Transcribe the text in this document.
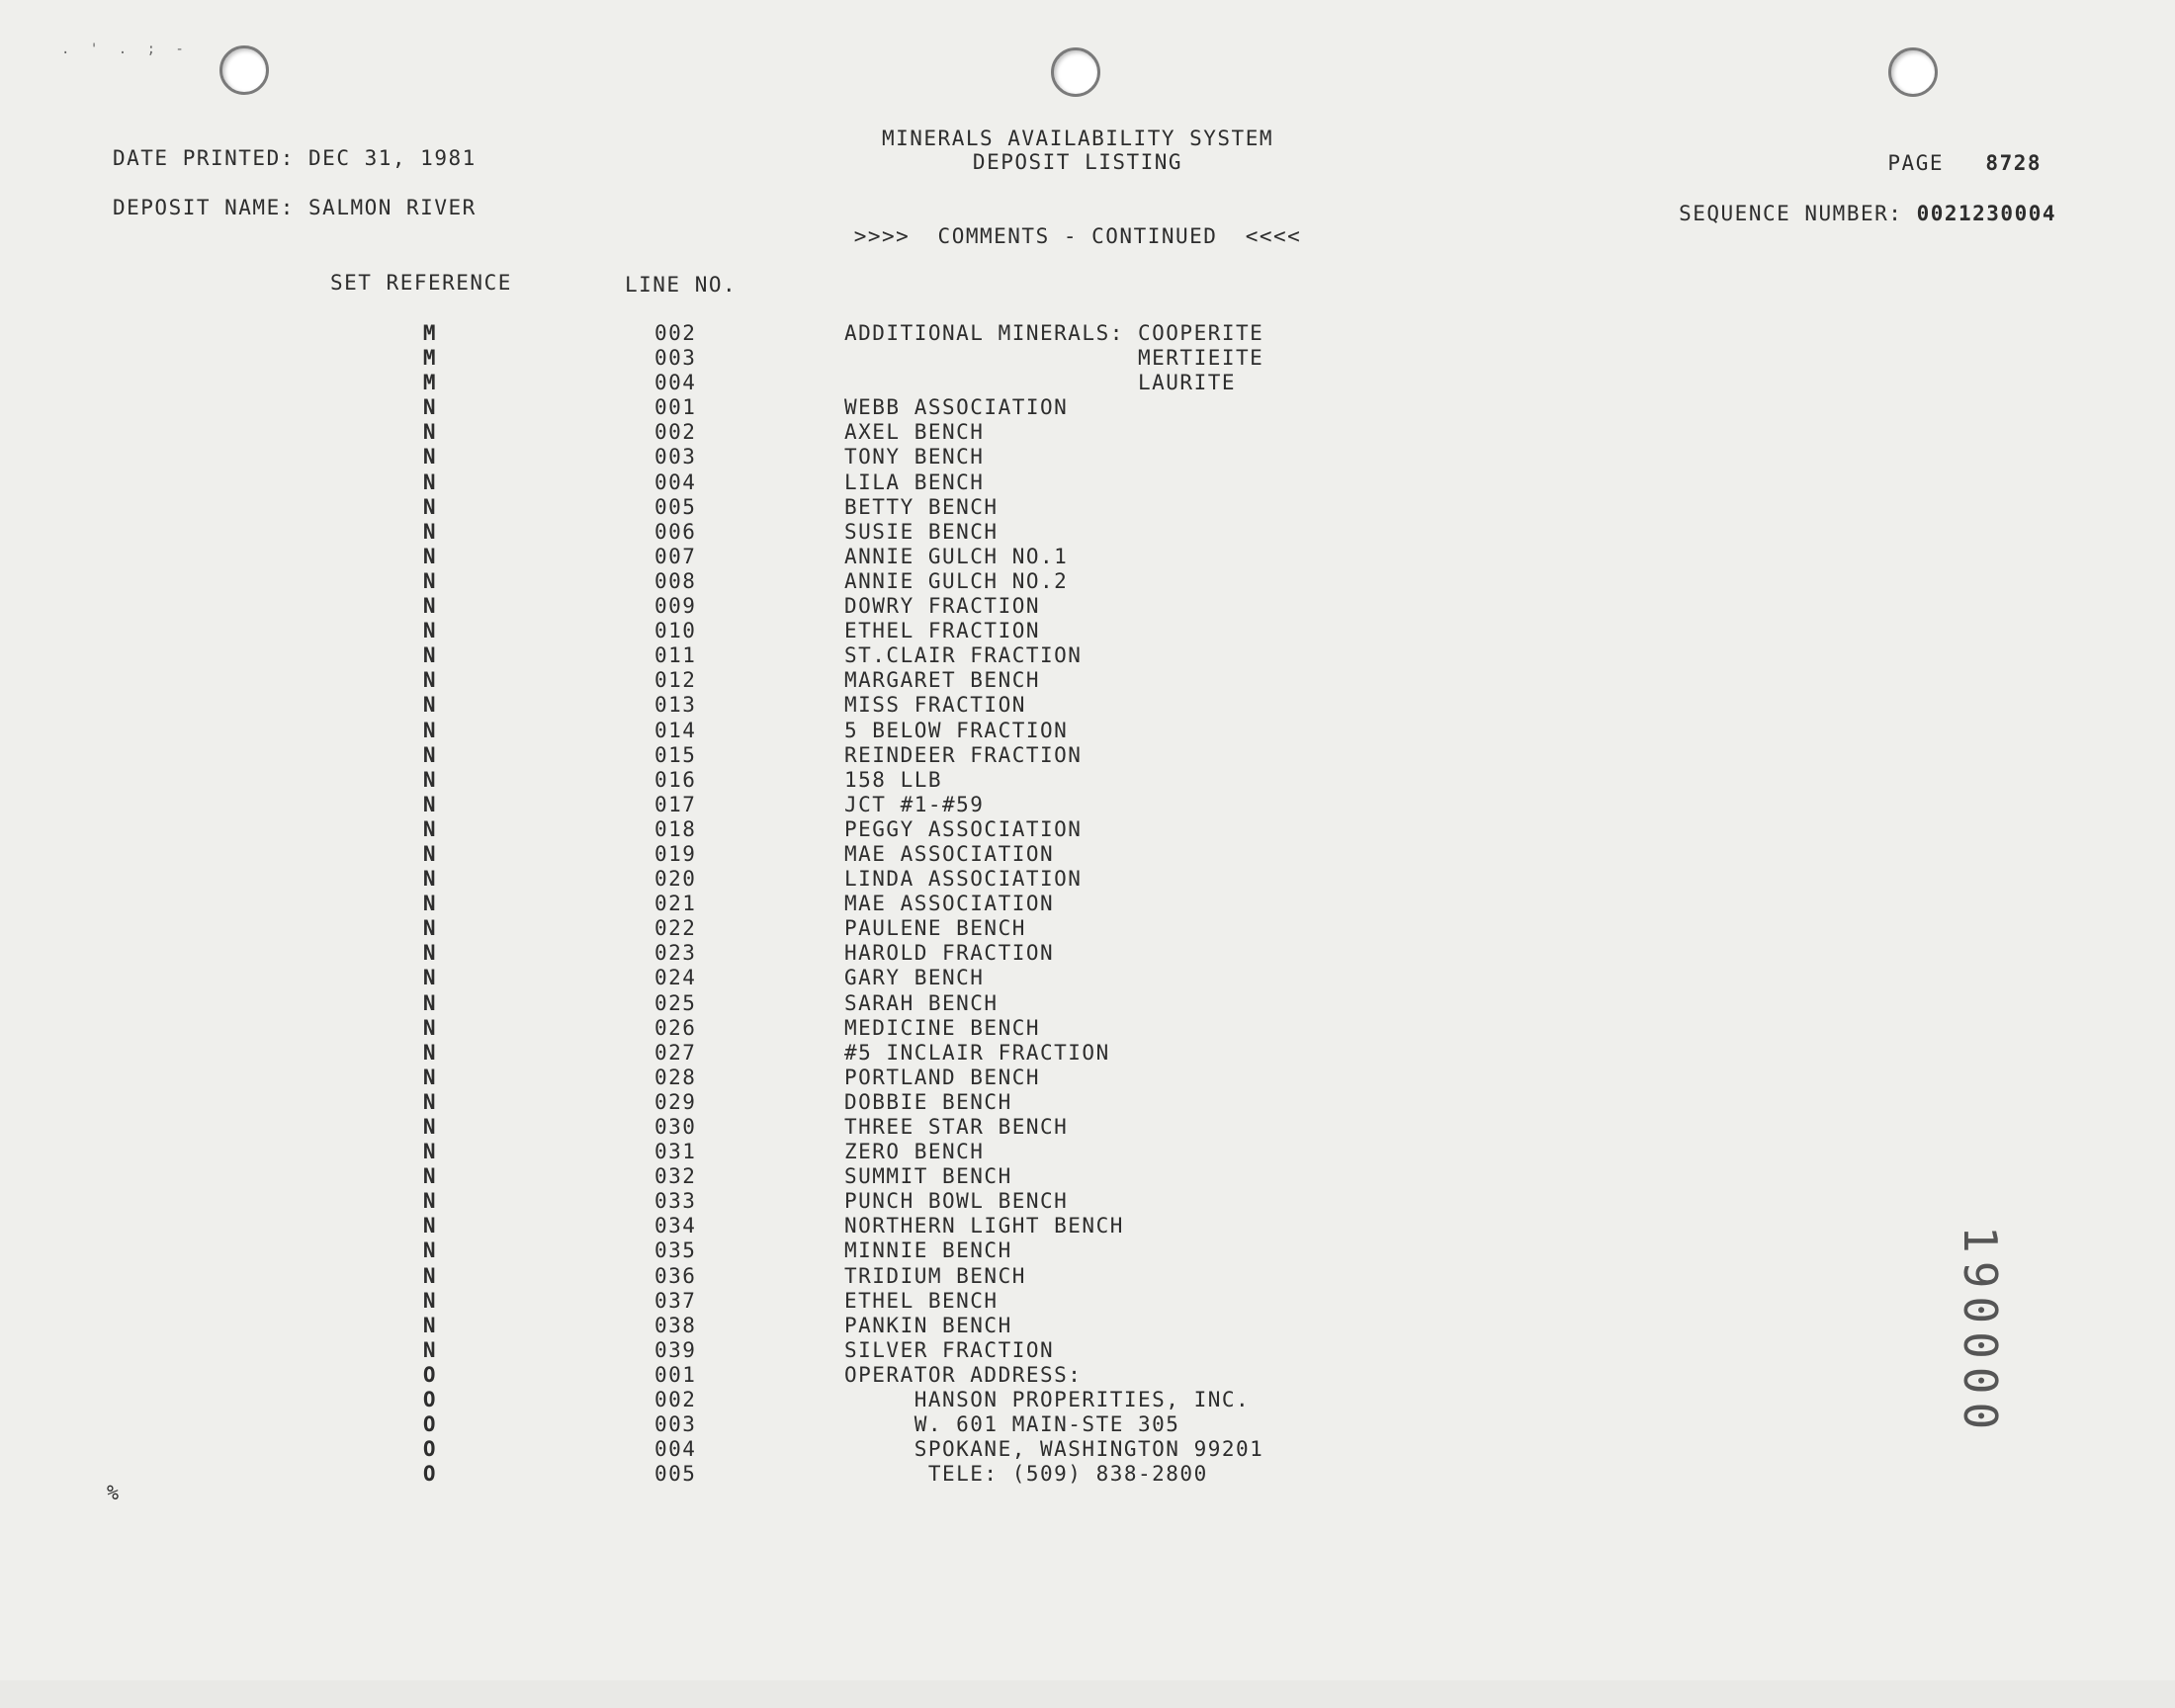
. ' . ; -
MINERALS AVAILABILITY SYSTEM
DEPOSIT LISTING
DATE PRINTED: DEC 31, 1981
DEPOSIT NAME: SALMON RIVER
PAGE 8728
SEQUENCE NUMBER: 0021230004
>>>>  COMMENTS - CONTINUED  <<<<
SET REFERENCE	LINE NO.
M	002	ADDITIONAL MINERALS: COOPERITE
M	003	MERTIEITE
M	004	LAURITE
N	001	WEBB ASSOCIATION
N	002	AXEL BENCH
N	003	TONY BENCH
N	004	LILA BENCH
N	005	BETTY BENCH
N	006	SUSIE BENCH
N	007	ANNIE GULCH NO.1
N	008	ANNIE GULCH NO.2
N	009	DOWRY FRACTION
N	010	ETHEL FRACTION
N	011	ST.CLAIR FRACTION
N	012	MARGARET BENCH
N	013	MISS FRACTION
N	014	5 BELOW FRACTION
N	015	REINDEER FRACTION
N	016	158 LLB
N	017	JCT #1-#59
N	018	PEGGY ASSOCIATION
N	019	MAE ASSOCIATION
N	020	LINDA ASSOCIATION
N	021	MAE ASSOCIATION
N	022	PAULENE BENCH
N	023	HAROLD FRACTION
N	024	GARY BENCH
N	025	SARAH BENCH
N	026	MEDICINE BENCH
N	027	#5 INCLAIR FRACTION
N	028	PORTLAND BENCH
N	029	DOBBIE BENCH
N	030	THREE STAR BENCH
N	031	ZERO BENCH
N	032	SUMMIT BENCH
N	033	PUNCH BOWL BENCH
N	034	NORTHERN LIGHT BENCH
N	035	MINNIE BENCH
N	036	TRIDIUM BENCH
N	037	ETHEL BENCH
N	038	PANKIN BENCH
N	039	SILVER FRACTION
O	001	OPERATOR ADDRESS:
O	002	HANSON PROPERITIES, INC.
O	003	W. 601 MAIN-STE 305
O	004	SPOKANE, WASHINGTON 99201
O	005	TELE: (509) 838-2800
190000
%
